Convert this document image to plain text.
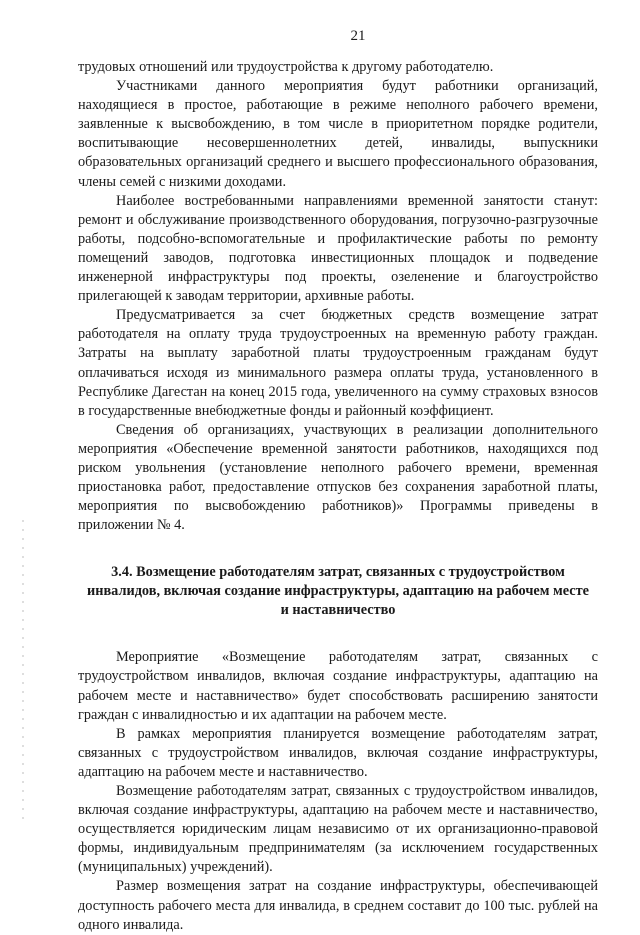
21

трудовых отношений или трудоустройства к другому работодателю.

Участниками данного мероприятия будут работники организаций, находящиеся в простое, работающие в режиме неполного рабочего времени, заявленные к высвобождению, в том числе в приоритетном порядке родители, воспитывающие несовершеннолетних детей, инвалиды, выпускники образовательных организаций среднего и высшего профессионального образования, члены семей с низкими доходами.

Наиболее востребованными направлениями временной занятости станут: ремонт и обслуживание производственного оборудования, погрузочно-разгрузочные работы, подсобно-вспомогательные и профилактические работы по ремонту помещений заводов, подготовка инвестиционных площадок и подведение инженерной инфраструктуры под проекты, озеленение и благоустройство прилегающей к заводам территории, архивные работы.

Предусматривается за счет бюджетных средств возмещение затрат работодателя на оплату труда трудоустроенных на временную работу граждан. Затраты на выплату заработной платы трудоустроенным гражданам будут оплачиваться исходя из минимального размера оплаты труда, установленного в Республике Дагестан на конец 2015 года, увеличенного на сумму страховых взносов в государственные внебюджетные фонды и районный коэффициент.

Сведения об организациях, участвующих в реализации дополнительного мероприятия «Обеспечение временной занятости работников, находящихся под риском увольнения (установление неполного рабочего времени, временная приостановка работ, предоставление отпусков без сохранения заработной платы, мероприятия по высвобождению работников)» Программы приведены в приложении № 4.

3.4. Возмещение работодателям затрат, связанных с трудоустройством инвалидов, включая создание инфраструктуры, адаптацию на рабочем месте и наставничество

Мероприятие «Возмещение работодателям затрат, связанных с трудоустройством инвалидов, включая создание инфраструктуры, адаптацию на рабочем месте и наставничество» будет способствовать расширению занятости граждан с инвалидностью и их адаптации на рабочем месте.

В рамках мероприятия планируется возмещение работодателям затрат, связанных с трудоустройством инвалидов, включая создание инфраструктуры, адаптацию на рабочем месте и наставничество.

Возмещение работодателям затрат, связанных с трудоустройством инвалидов, включая создание инфраструктуры, адаптацию на рабочем месте и наставничество, осуществляется юридическим лицам независимо от их организационно-правовой формы, индивидуальным предпринимателям (за исключением государственных (муниципальных) учреждений).

Размер возмещения затрат на создание инфраструктуры, обеспечивающей доступность рабочего места для инвалида, в среднем составит до 100 тыс. рублей на одного инвалида.
